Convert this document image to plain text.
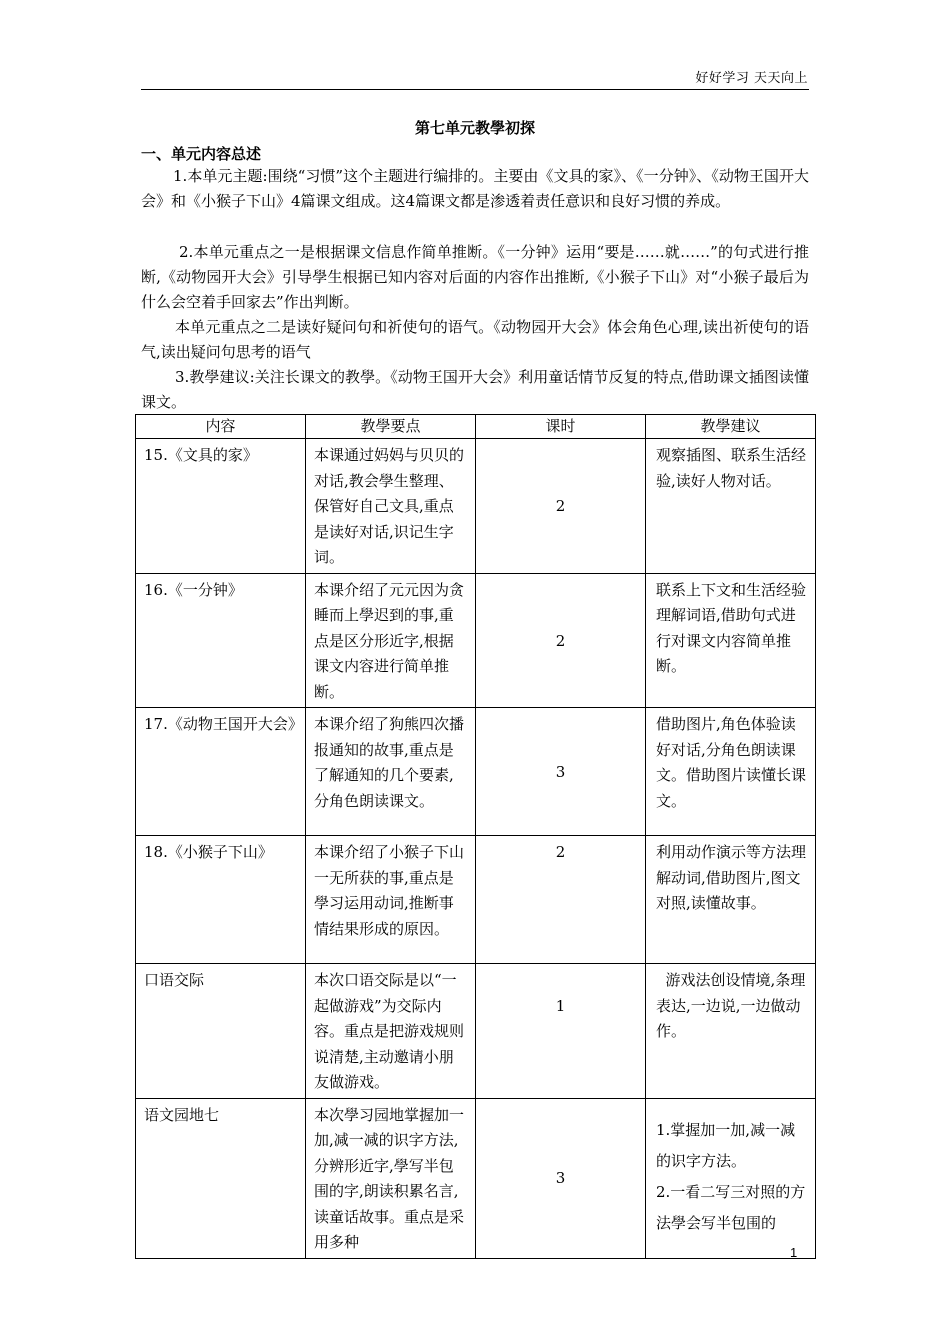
好好学习 天天向上
第七单元教學初探
一、单元内容总述
1.本单元主题:围绕“习惯”这个主题进行编排的。主要由《文具的家》、《一分钟》、《动物王国开大会》和《小猴子下山》4篇课文组成。这4篇课文都是渗透着责任意识和良好习惯的养成。
2.本单元重点之一是根据课文信息作简单推断。《一分钟》运用“要是……就……”的句式进行推断,《动物园开大会》引导學生根据已知内容对后面的内容作出推断,《小猴子下山》对“小猴子最后为什么会空着手回家去”作出判断。
本单元重点之二是读好疑问句和祈使句的语气。《动物园开大会》体会角色心理,读出祈使句的语气,读出疑问句思考的语气
3.教學建议:关注长课文的教學。《动物王国开大会》利用童话情节反复的特点,借助课文插图读懂课文。
内容	教學要点	课时	教學建议
15.《文具的家》	本课通过妈妈与贝贝的对话,教会學生整理、保管好自己文具,重点是读好对话,识记生字词。	2	观察插图、联系生活经验,读好人物对话。
16.《一分钟》	本课介绍了元元因为贪睡而上學迟到的事,重点是区分形近字,根据课文内容进行简单推断。	2	联系上下文和生活经验理解词语,借助句式进行对课文内容简单推断。
17.《动物王国开大会》	本课介绍了狗熊四次播报通知的故事,重点是了解通知的几个要素,分角色朗读课文。	3	借助图片,角色体验读好对话,分角色朗读课文。借助图片读懂长课文。
18.《小猴子下山》	本课介绍了小猴子下山一无所获的事,重点是學习运用动词,推断事情结果形成的原因。	2	利用动作演示等方法理解动词,借助图片,图文对照,读懂故事。
口语交际	本次口语交际是以“一起做游戏”为交际内容。重点是把游戏规则说清楚,主动邀请小朋友做游戏。	1	游戏法创设情境,条理表达,一边说,一边做动作。
语文园地七	本次學习园地掌握加一加,减一减的识字方法,分辨形近字,學写半包围的字,朗读积累名言,读童话故事。重点是采用多种	3	1.掌握加一加,减一减的识字方法。
2.一看二写三对照的方法學会写半包围的
1
